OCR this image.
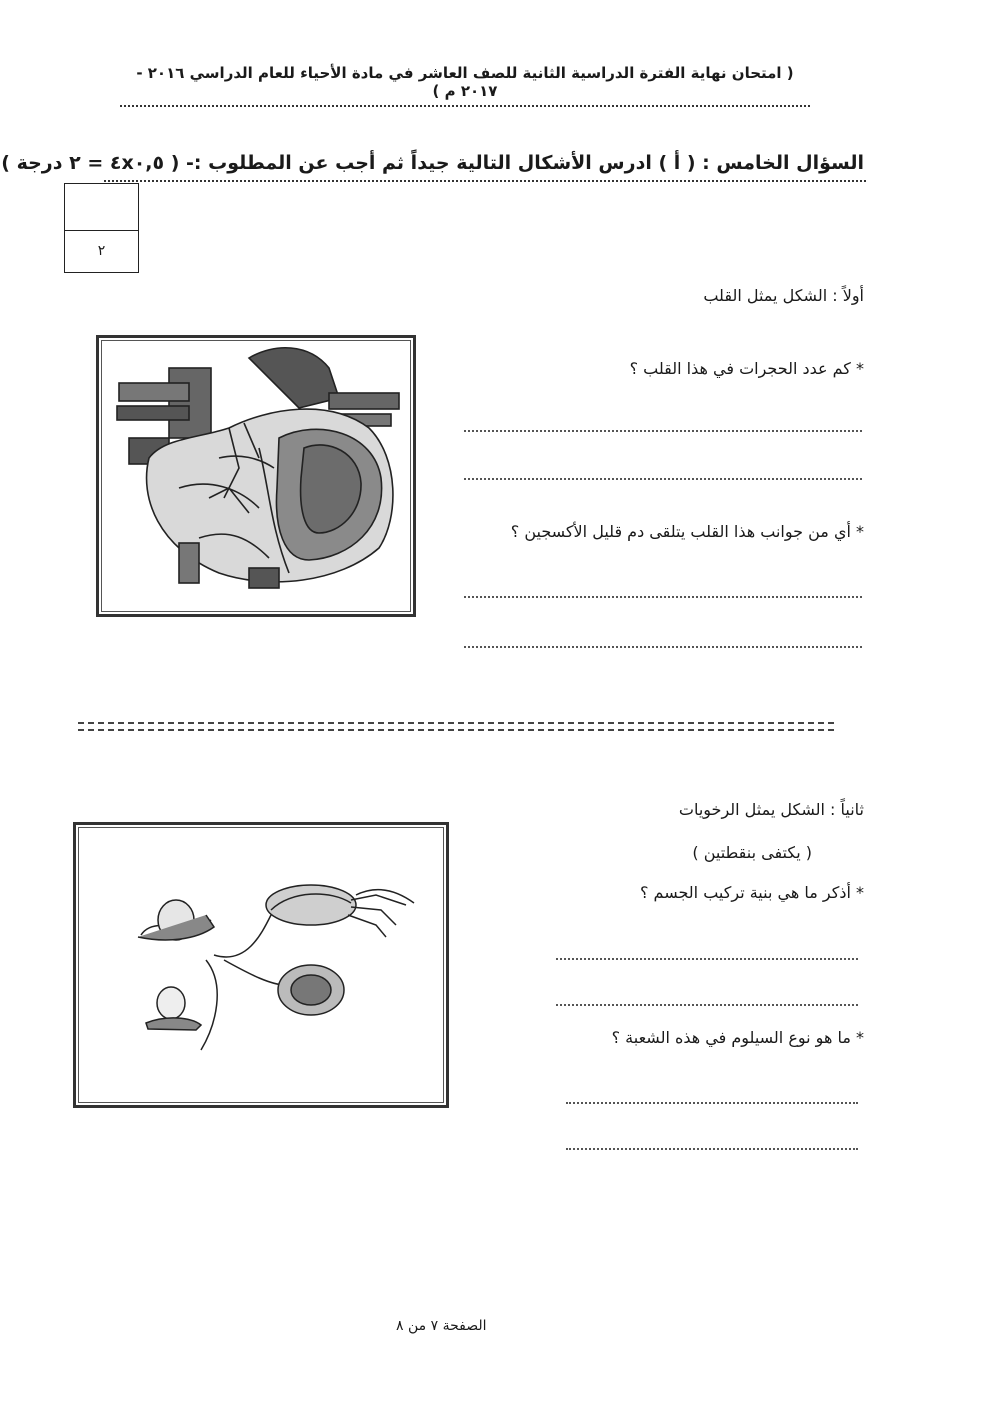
( امتحان نهاية الفترة الدراسية الثانية للصف العاشر في مادة الأحياء للعام الدراسي ٢٠١٦ - ٢٠١٧ م )
السؤال الخامس : ( أ ) ادرس الأشكال التالية جيداً ثم أجب عن المطلوب :- ( ٤x٠,٥ = ٢ درجة )
٢
أولاً : الشكل يمثل القلب
* كم عدد الحجرات في هذا القلب ؟
* أي من جوانب هذا القلب يتلقى دم قليل الأكسجين ؟
ثانياً : الشكل يمثل الرخويات
( يكتفى بنقطتين )
* أذكر ما هي بنية تركيب الجسم ؟
* ما هو نوع السيلوم في هذه الشعبة ؟
الصفحة ٧ من ٨
